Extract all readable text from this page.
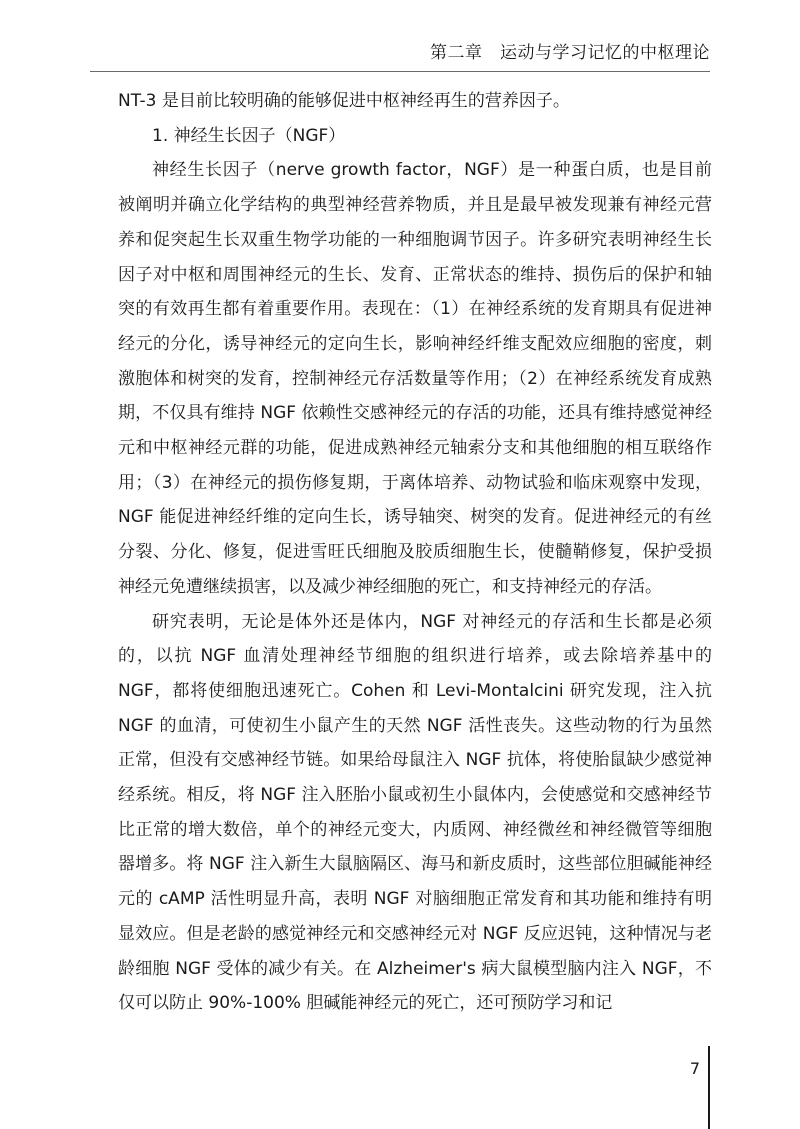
第二章　运动与学习记忆的中枢理论

NT-3 是目前比较明确的能够促进中枢神经再生的营养因子。

1. 神经生长因子（NGF）

神经生长因子（nerve growth factor，NGF）是一种蛋白质，也是目前被阐明并确立化学结构的典型神经营养物质，并且是最早被发现兼有神经元营养和促突起生长双重生物学功能的一种细胞调节因子。许多研究表明神经生长因子对中枢和周围神经元的生长、发育、正常状态的维持、损伤后的保护和轴突的有效再生都有着重要作用。表现在：（1）在神经系统的发育期具有促进神经元的分化，诱导神经元的定向生长，影响神经纤维支配效应细胞的密度，刺激胞体和树突的发育，控制神经元存活数量等作用；（2）在神经系统发育成熟期，不仅具有维持 NGF 依赖性交感神经元的存活的功能，还具有维持感觉神经元和中枢神经元群的功能，促进成熟神经元轴索分支和其他细胞的相互联络作用；（3）在神经元的损伤修复期，于离体培养、动物试验和临床观察中发现，NGF 能促进神经纤维的定向生长，诱导轴突、树突的发育。促进神经元的有丝分裂、分化、修复，促进雪旺氏细胞及胶质细胞生长，使髓鞘修复，保护受损神经元免遭继续损害，以及减少神经细胞的死亡，和支持神经元的存活。

研究表明，无论是体外还是体内，NGF 对神经元的存活和生长都是必须的，以抗 NGF 血清处理神经节细胞的组织进行培养，或去除培养基中的 NGF，都将使细胞迅速死亡。Cohen 和 Levi-Montalcini 研究发现，注入抗 NGF 的血清，可使初生小鼠产生的天然 NGF 活性丧失。这些动物的行为虽然正常，但没有交感神经节链。如果给母鼠注入 NGF 抗体，将使胎鼠缺少感觉神经系统。相反，将 NGF 注入胚胎小鼠或初生小鼠体内，会使感觉和交感神经节比正常的增大数倍，单个的神经元变大，内质网、神经微丝和神经微管等细胞器增多。将 NGF 注入新生大鼠脑隔区、海马和新皮质时，这些部位胆碱能神经元的 cAMP 活性明显升高，表明 NGF 对脑细胞正常发育和其功能和维持有明显效应。但是老龄的感觉神经元和交感神经元对 NGF 反应迟钝，这种情况与老龄细胞 NGF 受体的减少有关。在 Alzheimer's 病大鼠模型脑内注入 NGF，不仅可以防止 90%-100% 胆碱能神经元的死亡，还可预防学习和记

7
